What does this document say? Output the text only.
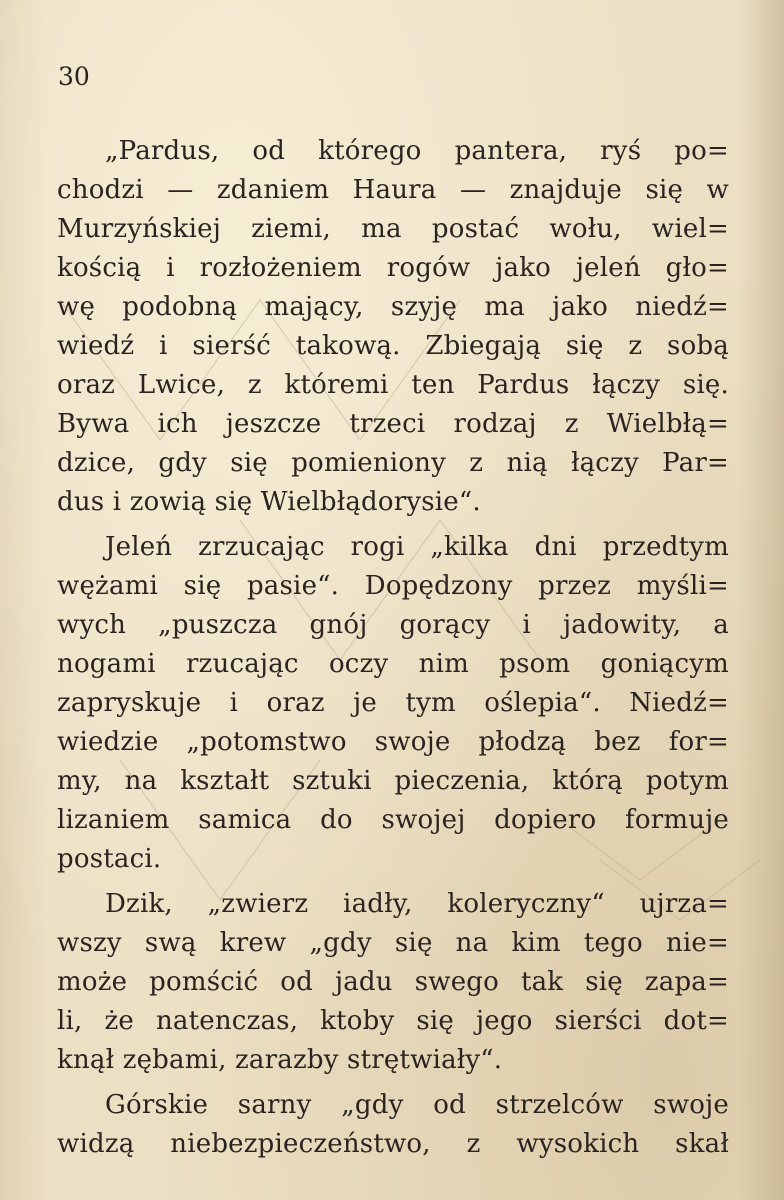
30
„Pardus, od którego pantera, ryś po=
chodzi — zdaniem Haura — znajduje się w
Murzyńskiej ziemi, ma postać wołu, wiel=
kością i rozłożeniem rogów jako jeleń gło=
wę podobną mający, szyję ma jako niedź=
wiedź i sierść takową. Zbiegają się z sobą
oraz Lwice, z któremi ten Pardus łączy się.
Bywa ich jeszcze trzeci rodzaj z Wielbłą=
dzice, gdy się pomieniony z nią łączy Par=
dus i zowią się Wielbłądorysie“.
Jeleń zrzucając rogi „kilka dni przedtym
wężami się pasie“. Dopędzony przez myśli=
wych „puszcza gnój gorący i jadowity, a
nogami rzucając oczy nim psom goniącym
zapryskuje i oraz je tym oślepia“. Niedź=
wiedzie „potomstwo swoje płodzą bez for=
my, na kształt sztuki pieczenia, którą potym
lizaniem samica do swojej dopiero formuje
postaci.
Dzik, „zwierz iadły, koleryczny“ ujrza=
wszy swą krew „gdy się na kim tego nie=
może pomścić od jadu swego tak się zapa=
li, że natenczas, ktoby się jego sierści dot=
knął zębami, zarazby strętwiały“.
Górskie sarny „gdy od strzelców swoje
widzą niebezpieczeństwo, z wysokich skał
